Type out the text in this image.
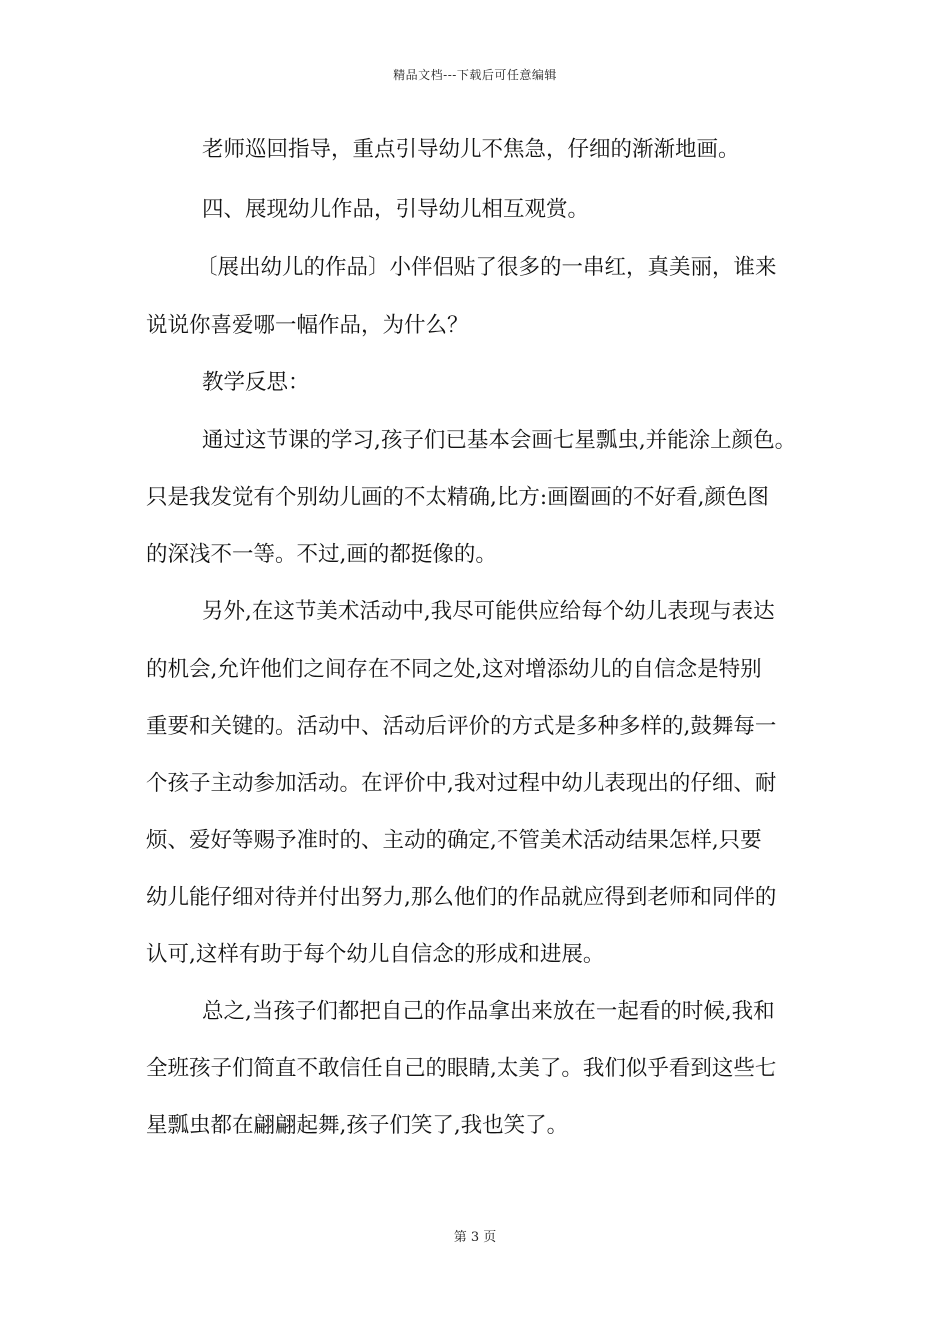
精品文档---下载后可任意编辑
老师巡回指导，重点引导幼儿不焦急，仔细的渐渐地画。
四、展现幼儿作品，引导幼儿相互观赏。
〔展出幼儿的作品〕小伴侣贴了很多的一串红，真美丽，谁来
说说你喜爱哪一幅作品，为什么？
教学反思：
通过这节课的学习,孩子们已基本会画七星瓢虫,并能涂上颜色。
只是我发觉有个别幼儿画的不太精确,比方:画圈画的不好看,颜色图
的深浅不一等。不过,画的都挺像的。
另外,在这节美术活动中,我尽可能供应给每个幼儿表现与表达
的机会,允许他们之间存在不同之处,这对增添幼儿的自信念是特别
重要和关键的。活动中、活动后评价的方式是多种多样的,鼓舞每一
个孩子主动参加活动。在评价中,我对过程中幼儿表现出的仔细、耐
烦、爱好等赐予准时的、主动的确定,不管美术活动结果怎样,只要
幼儿能仔细对待并付出努力,那么他们的作品就应得到老师和同伴的
认可,这样有助于每个幼儿自信念的形成和进展。
总之,当孩子们都把自己的作品拿出来放在一起看的时候,我和
全班孩子们简直不敢信任自己的眼睛,太美了。我们似乎看到这些七
星瓢虫都在翩翩起舞,孩子们笑了,我也笑了。
第 3 页
